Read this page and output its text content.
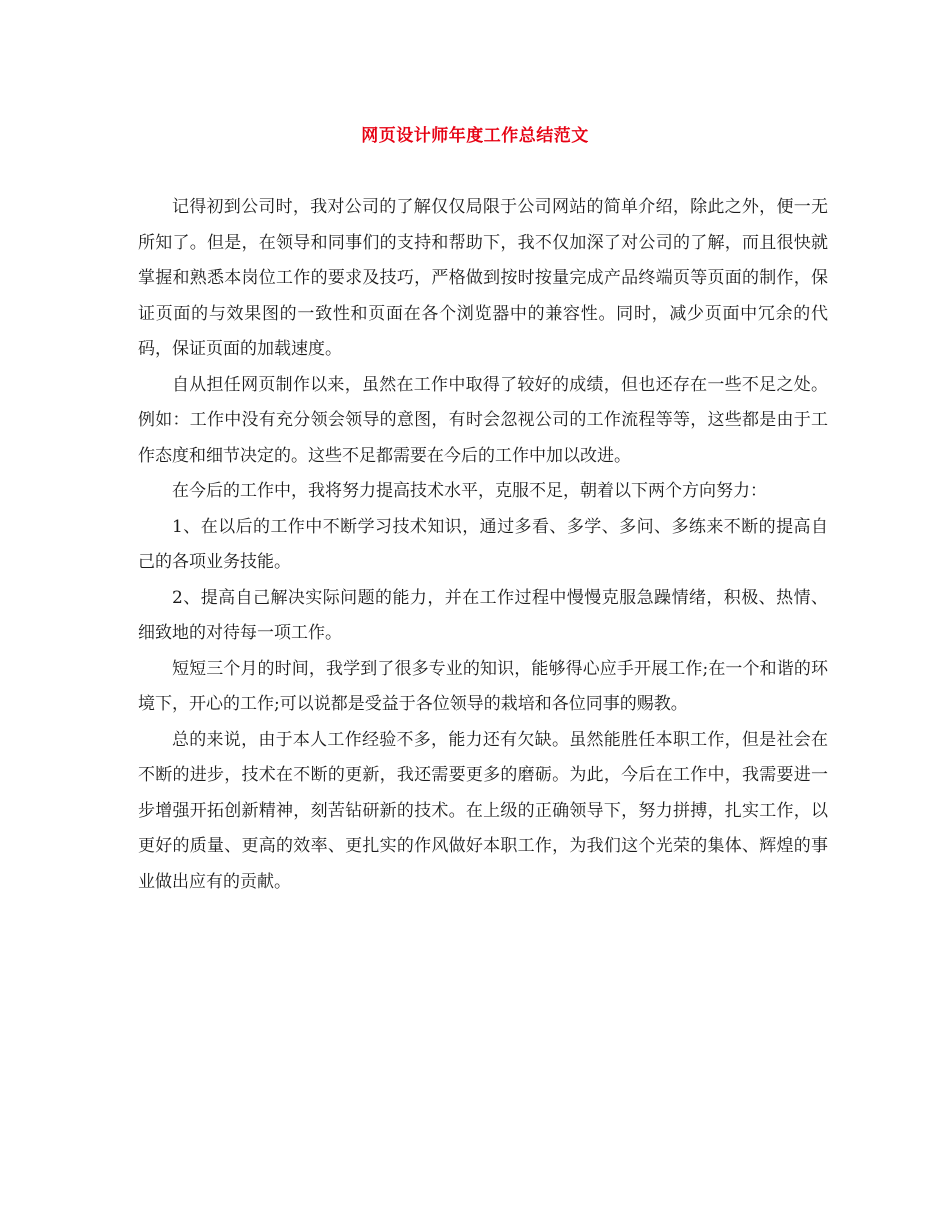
网页设计师年度工作总结范文

记得初到公司时，我对公司的了解仅仅局限于公司网站的简单介绍，除此之外，便一无所知了。但是，在领导和同事们的支持和帮助下，我不仅加深了对公司的了解，而且很快就掌握和熟悉本岗位工作的要求及技巧，严格做到按时按量完成产品终端页等页面的制作，保证页面的与效果图的一致性和页面在各个浏览器中的兼容性。同时，减少页面中冗余的代码，保证页面的加载速度。

自从担任网页制作以来，虽然在工作中取得了较好的成绩，但也还存在一些不足之处。例如：工作中没有充分领会领导的意图，有时会忽视公司的工作流程等等，这些都是由于工作态度和细节决定的。这些不足都需要在今后的工作中加以改进。

在今后的工作中，我将努力提高技术水平，克服不足，朝着以下两个方向努力：

1、在以后的工作中不断学习技术知识，通过多看、多学、多问、多练来不断的提高自己的各项业务技能。

2、提高自己解决实际问题的能力，并在工作过程中慢慢克服急躁情绪，积极、热情、细致地的对待每一项工作。

短短三个月的时间，我学到了很多专业的知识，能够得心应手开展工作;在一个和谐的环境下，开心的工作;可以说都是受益于各位领导的栽培和各位同事的赐教。

总的来说，由于本人工作经验不多，能力还有欠缺。虽然能胜任本职工作，但是社会在不断的进步，技术在不断的更新，我还需要更多的磨砺。为此，今后在工作中，我需要进一步增强开拓创新精神，刻苦钻研新的技术。在上级的正确领导下，努力拼搏，扎实工作，以更好的质量、更高的效率、更扎实的作风做好本职工作，为我们这个光荣的集体、辉煌的事业做出应有的贡献。
